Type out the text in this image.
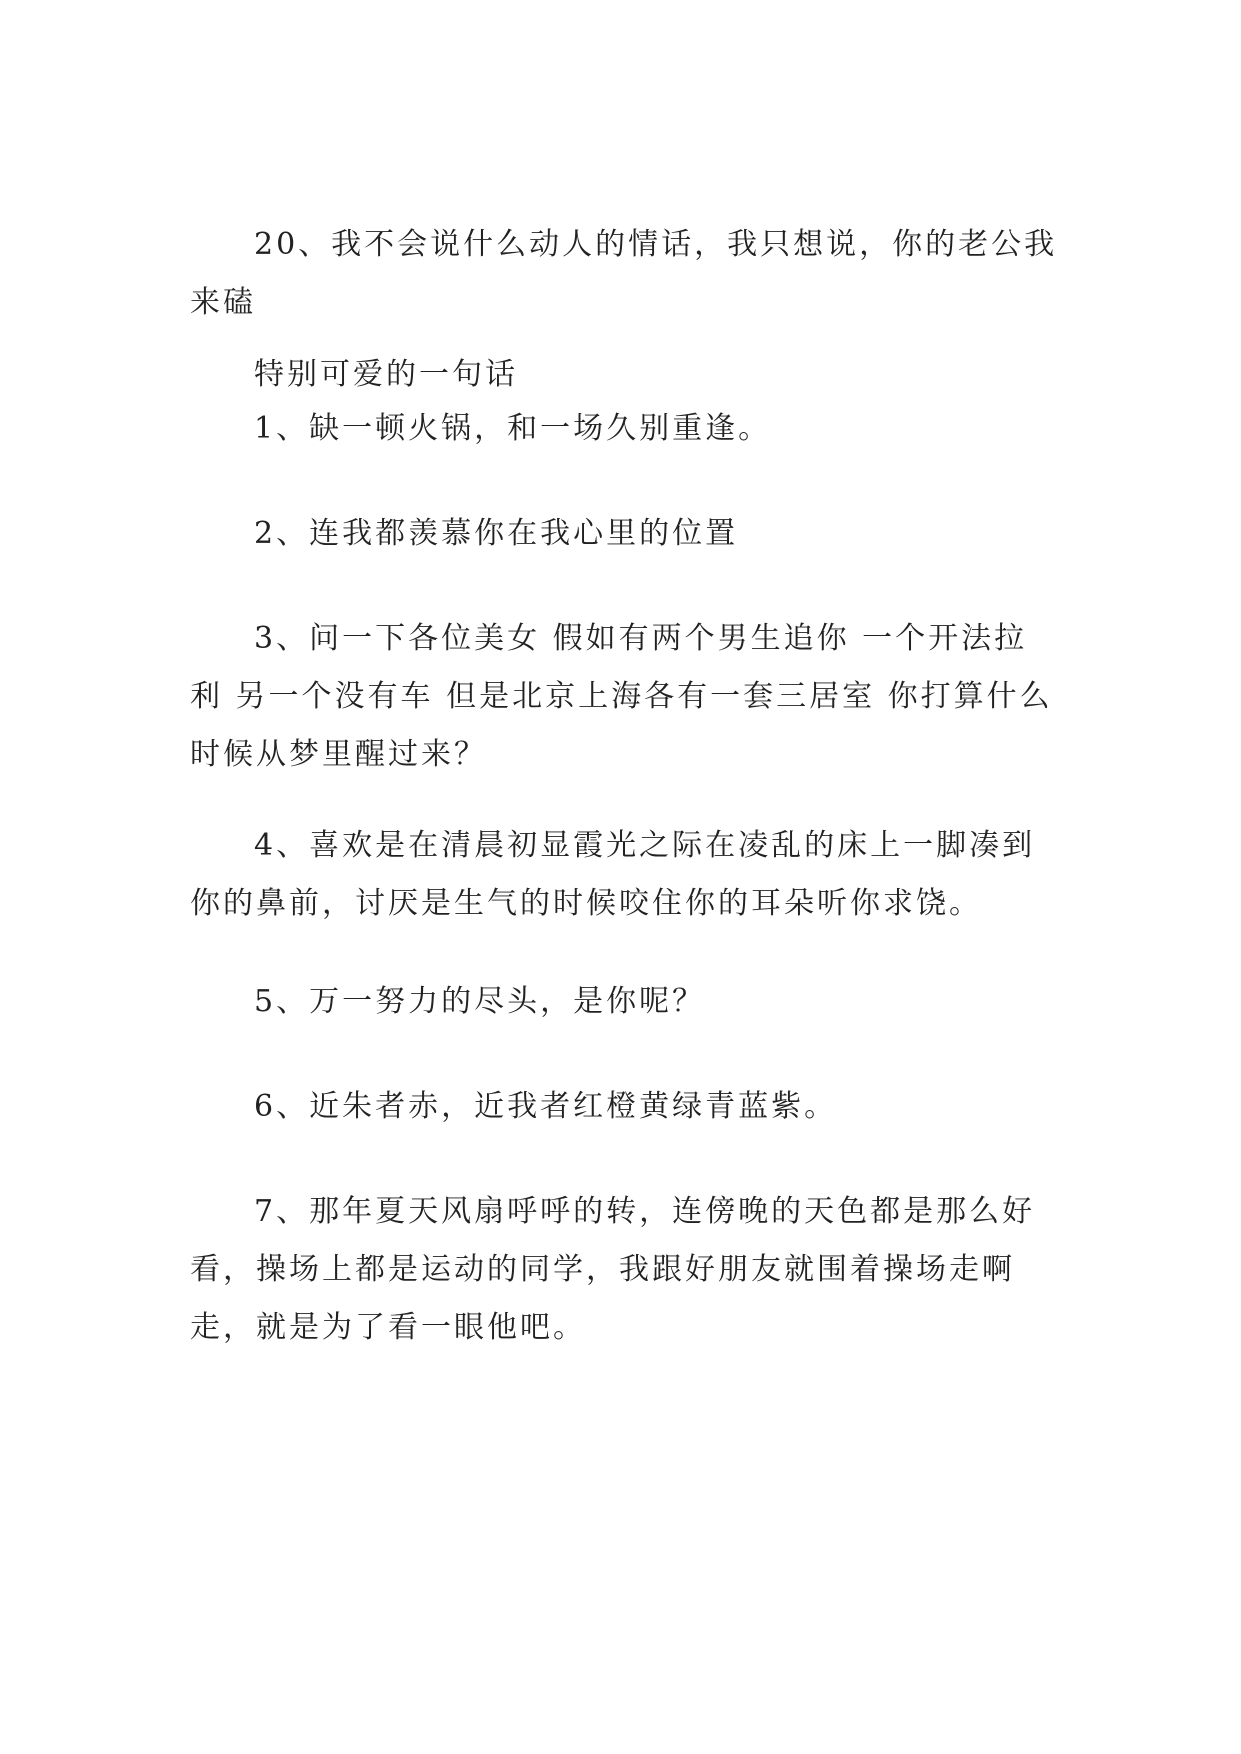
20、我不会说什么动人的情话，我只想说，你的老公我来磕

特别可爱的一句话

1、缺一顿火锅，和一场久别重逢。

2、连我都羡慕你在我心里的位置

3、问一下各位美女 假如有两个男生追你 一个开法拉利 另一个没有车 但是北京上海各有一套三居室 你打算什么时候从梦里醒过来？

4、喜欢是在清晨初显霞光之际在凌乱的床上一脚凑到你的鼻前，讨厌是生气的时候咬住你的耳朵听你求饶。

5、万一努力的尽头，是你呢？

6、近朱者赤，近我者红橙黄绿青蓝紫。

7、那年夏天风扇呼呼的转，连傍晚的天色都是那么好看，操场上都是运动的同学，我跟好朋友就围着操场走啊走，就是为了看一眼他吧。
